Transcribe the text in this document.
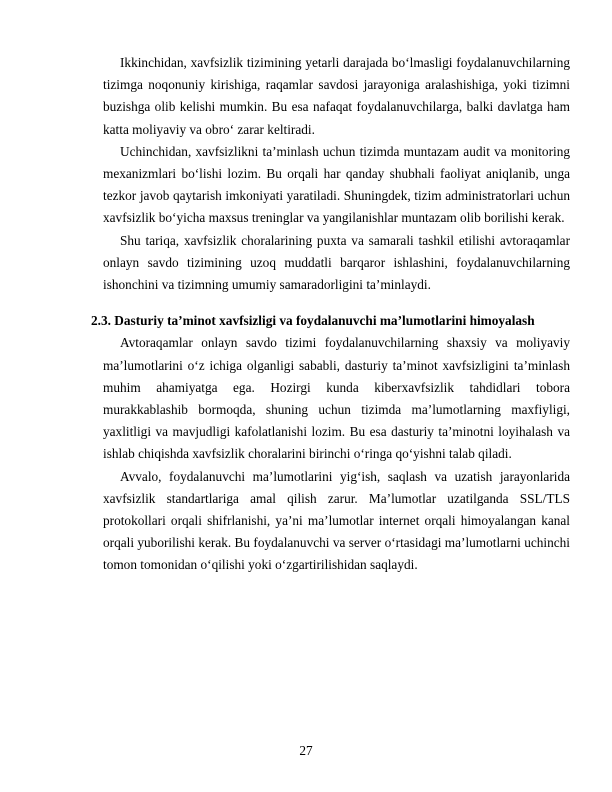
Ikkinchidan, xavfsizlik tizimining yetarli darajada bo‘lmasligi foydalanuvchilarning tizimga noqonuniy kirishiga, raqamlar savdosi jarayoniga aralashishiga, yoki tizimni buzishga olib kelishi mumkin. Bu esa nafaqat foydalanuvchilarga, balki davlatga ham katta moliyaviy va obro‘ zarar keltiradi.

Uchinchidan, xavfsizlikni ta’minlash uchun tizimda muntazam audit va monitoring mexanizmlari bo‘lishi lozim. Bu orqali har qanday shubhali faoliyat aniqlanib, unga tezkor javob qaytarish imkoniyati yaratiladi. Shuningdek, tizim administratorlari uchun xavfsizlik bo‘yicha maxsus treninglar va yangilanishlar muntazam olib borilishi kerak.

Shu tariqa, xavfsizlik choralarining puxta va samarali tashkil etilishi avtoraqamlar onlayn savdo tizimining uzoq muddatli barqaror ishlashini, foydalanuvchilarning ishonchini va tizimning umumiy samaradorligini ta’minlaydi.

2.3. Dasturiy ta’minot xavfsizligi va foydalanuvchi ma’lumotlarini himoyalash

Avtoraqamlar onlayn savdo tizimi foydalanuvchilarning shaxsiy va moliyaviy ma’lumotlarini o‘z ichiga olganligi sababli, dasturiy ta’minot xavfsizligini ta’minlash muhim ahamiyatga ega. Hozirgi kunda kiberxavfsizlik tahdidlari tobora murakkablashib bormoqda, shuning uchun tizimda ma’lumotlarning maxfiyligi, yaxlitligi va mavjudligi kafolatlanishi lozim. Bu esa dasturiy ta’minotni loyihalash va ishlab chiqishda xavfsizlik choralarini birinchi o‘ringa qo‘yishni talab qiladi.

Avvalo, foydalanuvchi ma’lumotlarini yig‘ish, saqlash va uzatish jarayonlarida xavfsizlik standartlariga amal qilish zarur. Ma’lumotlar uzatilganda SSL/TLS protokollari orqali shifrlanishi, ya’ni ma’lumotlar internet orqali himoyalangan kanal orqali yuborilishi kerak. Bu foydalanuvchi va server o‘rtasidagi ma’lumotlarni uchinchi tomon tomonidan o‘qilishi yoki o‘zgartirilishidan saqlaydi.

27
